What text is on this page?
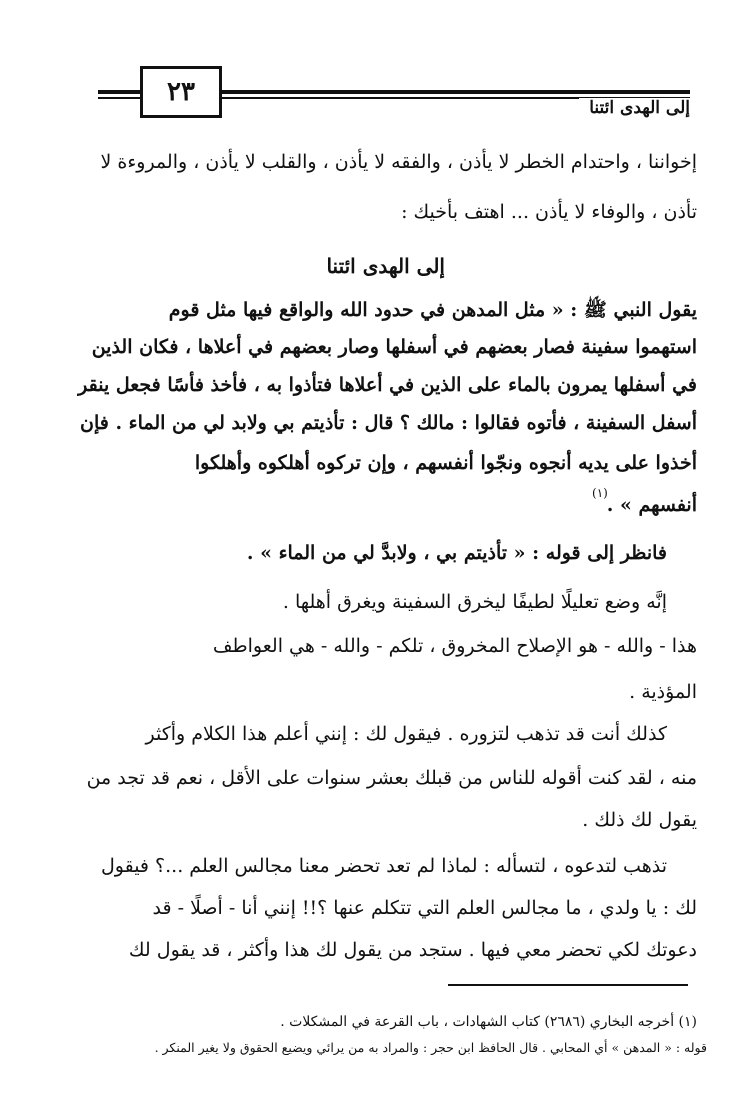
٢٣
إلى الهدى ائتنا
إخواننا ، واحتدام الخطر لا يأذن ، والفقه لا يأذن ، والقلب لا يأذن ، والمروءة لا
تأذن ، والوفاء لا يأذن ... اهتف بأخيك :
إلى الهدى ائتنا
يقول النبي ﷺ : « مثل المدهن في حدود الله والواقع فيها مثل قوم
استهموا سفينة فصار بعضهم في أسفلها وصار بعضهم في أعلاها ، فكان الذين
في أسفلها يمرون بالماء على الذين في أعلاها فتأذوا به ، فأخذ فأسًا فجعل ينقر
أسفل السفينة ، فأتوه فقالوا : مالك ؟ قال : تأذيتم بي ولابد لي من الماء . فإن
أخذوا على يديه أنجوه ونجّوا أنفسهم ، وإن تركوه أهلكوه وأهلكوا
أنفسهم » .
(١)
فانظر إلى قوله : « تأذيتم بي ، ولابدَّ لي من الماء » .
إنَّه وضع تعليلًا لطيفًا ليخرق السفينة ويغرق أهلها .
هذا - والله - هو الإصلاح المخروق ، تلكم - والله - هي العواطف
المؤذية .
كذلك أنت قد تذهب لتزوره . فيقول لك : إنني أعلم هذا الكلام وأكثر
منه ، لقد كنت أقوله للناس من قبلك بعشر سنوات على الأقل ، نعم قد تجد من
يقول لك ذلك .
تذهب لتدعوه ، لتسأله : لماذا لم تعد تحضر معنا مجالس العلم ...؟ فيقول
لك : يا ولدي ، ما مجالس العلم التي تتكلم عنها ؟!! إنني أنا - أصلًا - قد
دعوتك لكي تحضر معي فيها . ستجد من يقول لك هذا وأكثر ، قد يقول لك
(١) أخرجه البخاري (٢٦٨٦) كتاب الشهادات ، باب القرعة في المشكلات .
قوله : « المدهن » أي المحابي . قال الحافظ ابن حجر : والمراد به من يرائي ويضيع الحقوق ولا يغير المنكر .
